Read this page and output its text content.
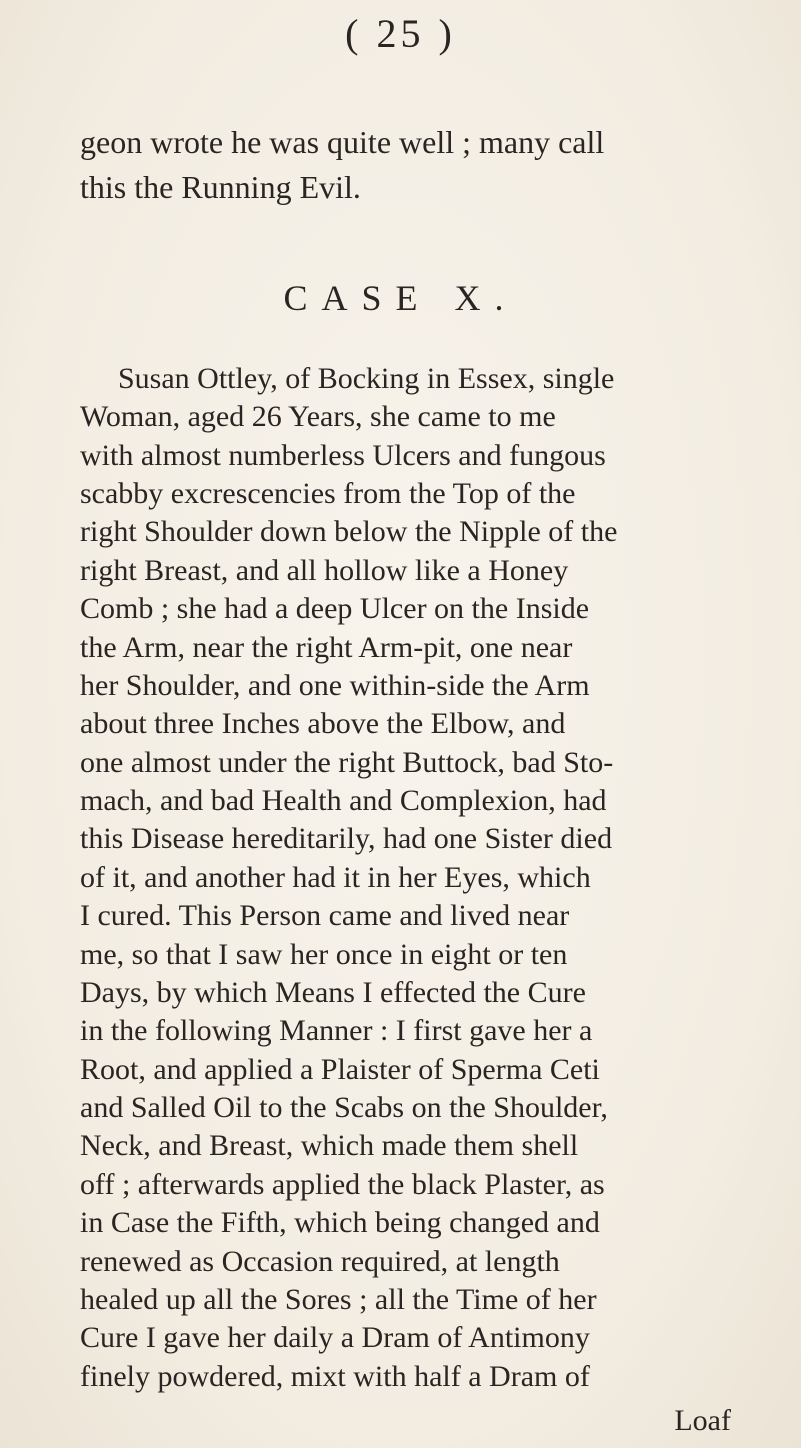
( 25 )
geon wrote he was quite well ; many call
this the Running Evil.
CASE X.
Susan Ottley, of Bocking in Essex, single
Woman, aged 26 Years, she came to me
with almost numberless Ulcers and fungous
scabby excrescencies from the Top of the
right Shoulder down below the Nipple of the
right Breast, and all hollow like a Honey
Comb ; she had a deep Ulcer on the Inside
the Arm, near the right Arm-pit, one near
her Shoulder, and one within-side the Arm
about three Inches above the Elbow, and
one almost under the right Buttock, bad Sto-
mach, and bad Health and Complexion, had
this Disease hereditarily, had one Sister died
of it, and another had it in her Eyes, which
I cured. This Person came and lived near
me, so that I saw her once in eight or ten
Days, by which Means I effected the Cure
in the following Manner : I first gave her a
Root, and applied a Plaister of Sperma Ceti
and Salled Oil to the Scabs on the Shoulder,
Neck, and Breast, which made them shell
off ; afterwards applied the black Plaster, as
in Case the Fifth, which being changed and
renewed as Occasion required, at length
healed up all the Sores ; all the Time of her
Cure I gave her daily a Dram of Antimony
finely powdered, mixt with half a Dram of
Loaf
